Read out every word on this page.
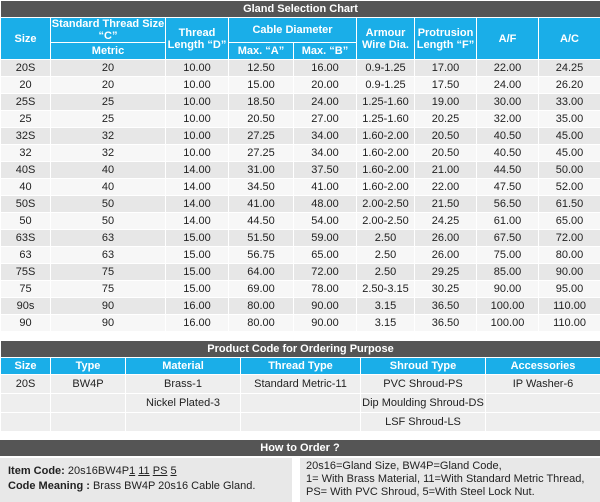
Gland Selection Chart								
Size	Standard Thread Size “C”	Thread Length “D”	Cable Diameter		Armour Wire Dia.	Protrusion Length “F”	A/F	A/C
	Metric		Max. “A”	Max. “B”				
20S	20	10.00	12.50	16.00	0.9-1.25	17.00	22.00	24.25
20	20	10.00	15.00	20.00	0.9-1.25	17.50	24.00	26.20
25S	25	10.00	18.50	24.00	1.25-1.60	19.00	30.00	33.00
25	25	10.00	20.50	27.00	1.25-1.60	20.25	32.00	35.00
32S	32	10.00	27.25	34.00	1.60-2.00	20.50	40.50	45.00
32	32	10.00	27.25	34.00	1.60-2.00	20.50	40.50	45.00
40S	40	14.00	31.00	37.50	1.60-2.00	21.00	44.50	50.00
40	40	14.00	34.50	41.00	1.60-2.00	22.00	47.50	52.00
50S	50	14.00	41.00	48.00	2.00-2.50	21.50	56.50	61.50
50	50	14.00	44.50	54.00	2.00-2.50	24.25	61.00	65.00
63S	63	15.00	51.50	59.00	2.50	26.00	67.50	72.00
63	63	15.00	56.75	65.00	2.50	26.00	75.00	80.00
75S	75	15.00	64.00	72.00	2.50	29.25	85.00	90.00
75	75	15.00	69.00	78.00	2.50-3.15	30.25	90.00	95.00
90s	90	16.00	80.00	90.00	3.15	36.50	100.00	110.00
90	90	16.00	80.00	90.00	3.15	36.50	100.00	110.00
Product Code for Ordering Purpose					
Size	Type	Material	Thread Type	Shroud Type	Accessories
20S	BW4P	Brass-1	Standard Metric-11	PVC Shroud-PS	IP Washer-6
		Nickel Plated-3		Dip Moulding Shroud-DS	
				LSF Shroud-LS	
How to Order ?
Item Code: 20s16BW4P1 11 PS 5
Code Meaning : Brass BW4P 20s16 Cable Gland.
20s16=Gland Size, BW4P=Gland Code,
1= With Brass Material, 11=With Standard Metric Thread,
PS= With PVC Shroud, 5=With Steel Lock Nut.
